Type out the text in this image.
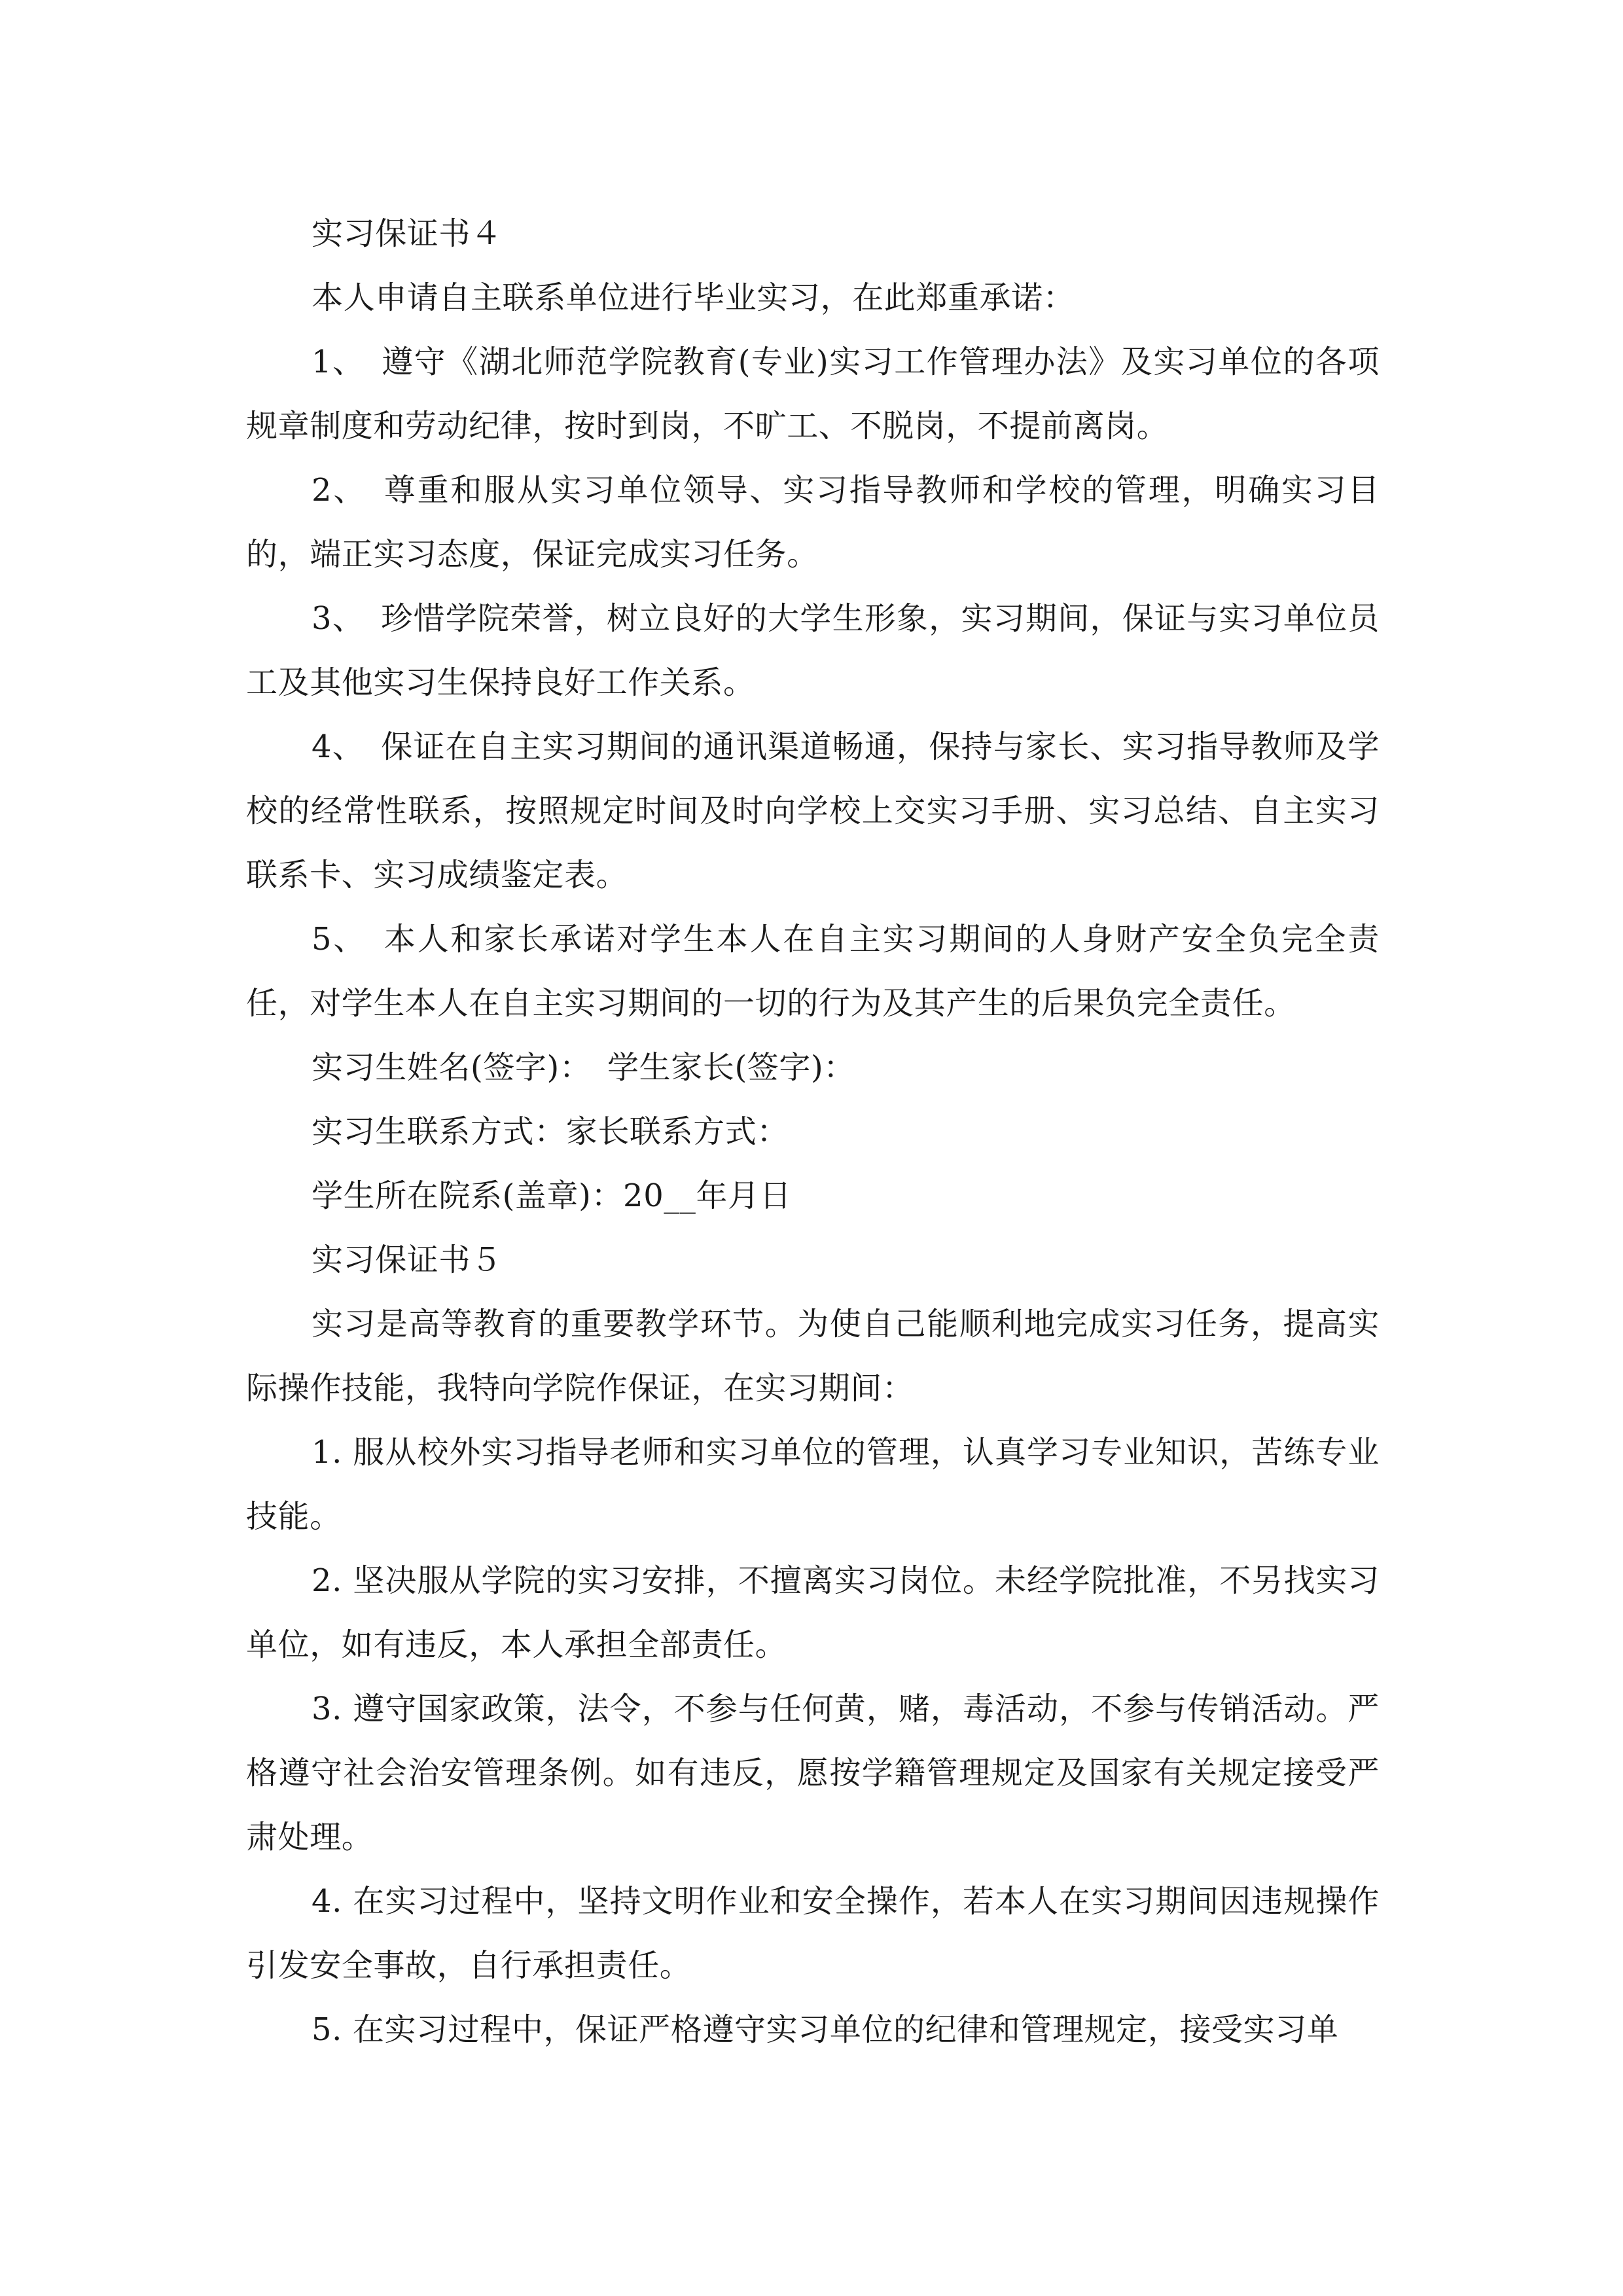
实习保证书４

本人申请自主联系单位进行毕业实习，在此郑重承诺：

1、　遵守《湖北师范学院教育(专业)实习工作管理办法》及实习单位的各项规章制度和劳动纪律，按时到岗，不旷工、不脱岗，不提前离岗。

2、　尊重和服从实习单位领导、实习指导教师和学校的管理，明确实习目的，端正实习态度，保证完成实习任务。

3、　珍惜学院荣誉，树立良好的大学生形象，实习期间，保证与实习单位员工及其他实习生保持良好工作关系。

4、　保证在自主实习期间的通讯渠道畅通，保持与家长、实习指导教师及学校的经常性联系，按照规定时间及时向学校上交实习手册、实习总结、自主实习联系卡、实习成绩鉴定表。

5、　本人和家长承诺对学生本人在自主实习期间的人身财产安全负完全责任，对学生本人在自主实习期间的一切的行为及其产生的后果负完全责任。

实习生姓名(签字)：　学生家长(签字)：

实习生联系方式：家长联系方式：

学生所在院系(盖章)：20__年月日

实习保证书５

实习是高等教育的重要教学环节。为使自己能顺利地完成实习任务，提高实际操作技能，我特向学院作保证，在实习期间：

1. 服从校外实习指导老师和实习单位的管理，认真学习专业知识，苦练专业技能。

2. 坚决服从学院的实习安排，不擅离实习岗位。未经学院批准，不另找实习单位，如有违反，本人承担全部责任。

3. 遵守国家政策，法令，不参与任何黄，赌，毒活动，不参与传销活动。严格遵守社会治安管理条例。如有违反，愿按学籍管理规定及国家有关规定接受严肃处理。

4. 在实习过程中，坚持文明作业和安全操作，若本人在实习期间因违规操作引发安全事故，自行承担责任。

5. 在实习过程中，保证严格遵守实习单位的纪律和管理规定，接受实习单
